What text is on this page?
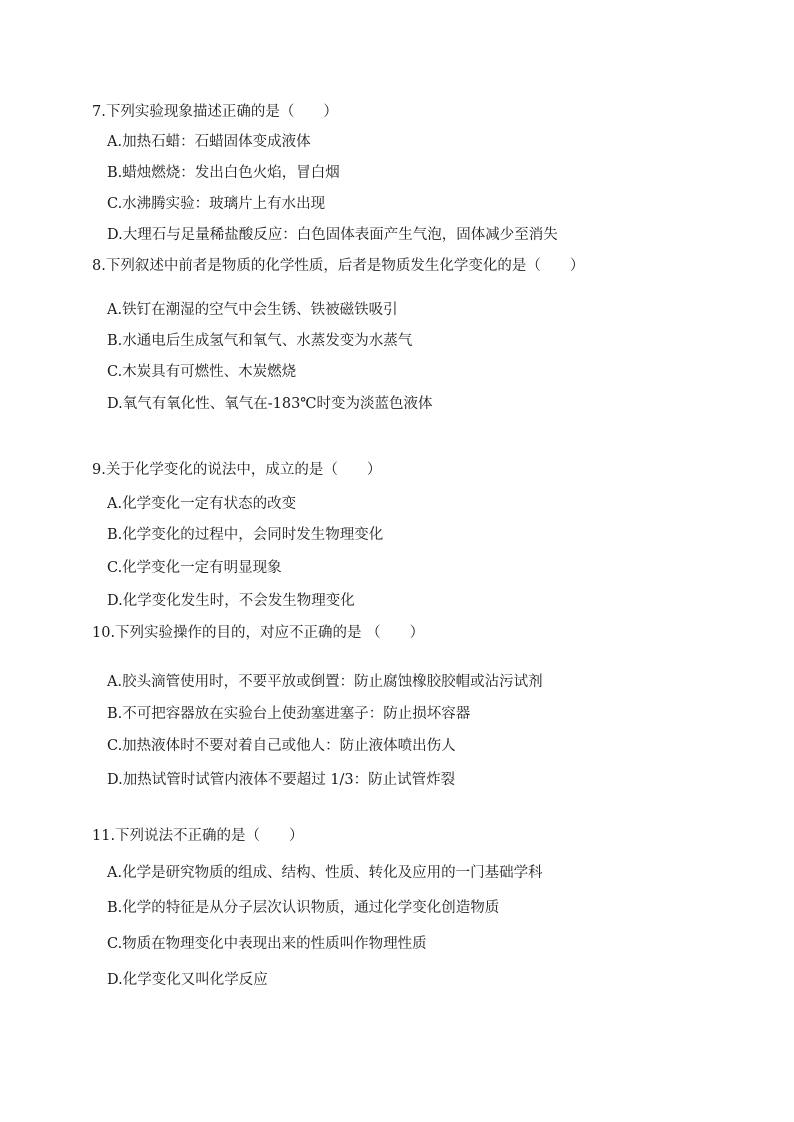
7.下列实验现象描述正确的是（　　）
A.加热石蜡：石蜡固体变成液体
B.蜡烛燃烧：发出白色火焰，冒白烟
C.水沸腾实验：玻璃片上有水出现
D.大理石与足量稀盐酸反应：白色固体表面产生气泡，固体减少至消失
8.下列叙述中前者是物质的化学性质，后者是物质发生化学变化的是（　　）
A.铁钉在潮湿的空气中会生锈、铁被磁铁吸引
B.水通电后生成氢气和氧气、水蒸发变为水蒸气
C.木炭具有可燃性、木炭燃烧
D.氧气有氧化性、氧气在-183℃时变为淡蓝色液体
9.关于化学变化的说法中，成立的是（　　）
A.化学变化一定有状态的改变
B.化学变化的过程中，会同时发生物理变化
C.化学变化一定有明显现象
D.化学变化发生时，不会发生物理变化
10.下列实验操作的目的，对应不正确的是 （　　）
A.胶头滴管使用时，不要平放或倒置：防止腐蚀橡胶胶帽或沾污试剂
B.不可把容器放在实验台上使劲塞进塞子：防止损坏容器
C.加热液体时不要对着自己或他人：防止液体喷出伤人
D.加热试管时试管内液体不要超过 1/3：防止试管炸裂
11.下列说法不正确的是（　　）
A.化学是研究物质的组成、结构、性质、转化及应用的一门基础学科
B.化学的特征是从分子层次认识物质，通过化学变化创造物质
C.物质在物理变化中表现出来的性质叫作物理性质
D.化学变化又叫化学反应
